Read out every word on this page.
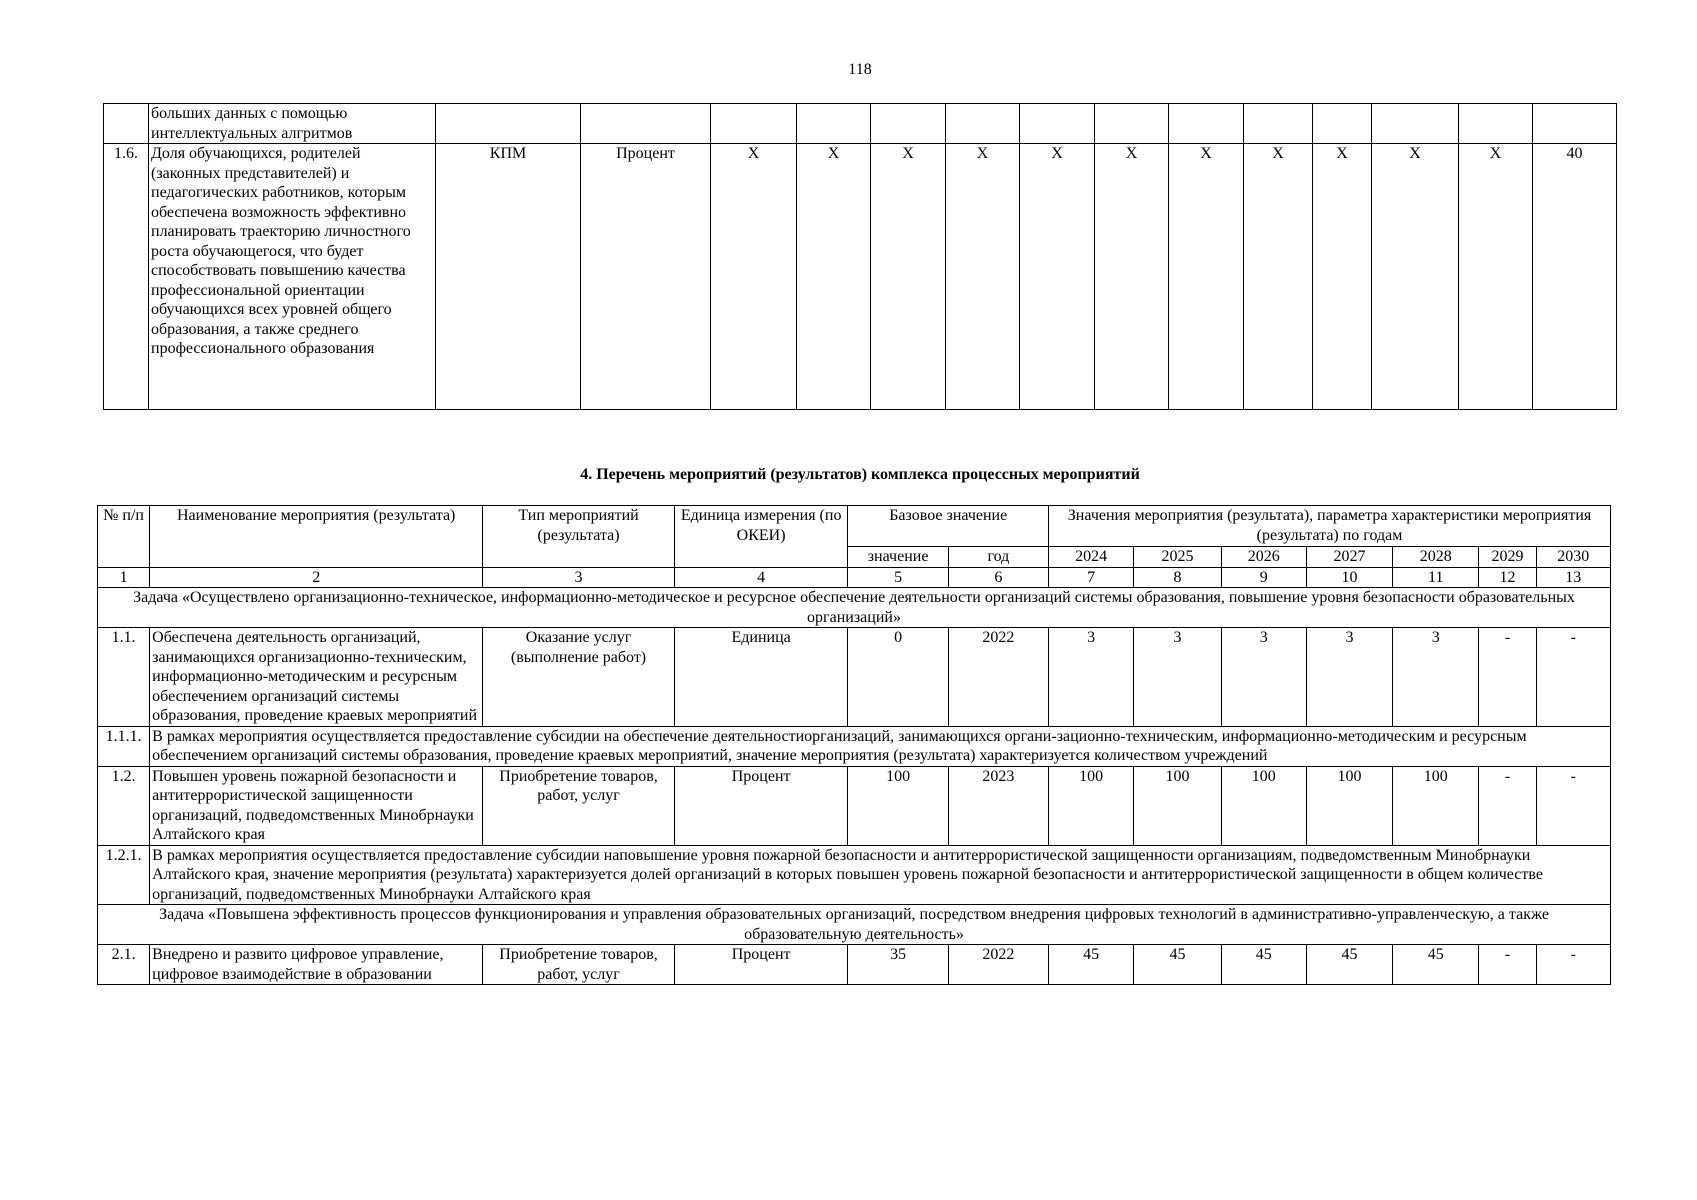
118
	больших данных с помощью интеллектуальных алгритмов														
1.6.	Доля обучающихся, родителей (законных представителей) и педагогических работников, которым обеспечена возможность эффективно планировать траекторию личностного роста обучающегося, что будет способствовать повышению качества профессиональной ориентации обучающихся всех уровней общего образования, а также среднего профессионального образования	КПМ	Процент	Х	Х	Х	Х	Х	Х	Х	Х	Х	Х	Х	40
4. Перечень мероприятий (результатов) комплекса процессных мероприятий
№ п/п	Наименование мероприятия (результата)	Тип мероприятий (результата)	Единица измерения (по ОКЕИ)	Базовое значение		Значения мероприятия (результата), параметра характеристики мероприятия (результата) по годам						
				значение	год	2024	2025	2026	2027	2028	2029	2030
1	2	3	4	5	6	7	8	9	10	11	12	13
Задача «Осуществлено организационно-техническое, информационно-методическое и ресурсное обеспечение деятельности организаций системы образования, повышение уровня безопасности образовательных организаций»												
1.1.	Обеспечена деятельность организаций, занимающихся организационно-техническим, информационно-методическим и ресурсным обеспечением организаций системы образования, проведение краевых мероприятий	Оказание услуг (выполнение работ)	Единица	0	2022	3	3	3	3	3	-	-
1.1.1.	В рамках мероприятия осуществляется предоставление субсидии на обеспечение деятельностиорганизаций, занимающихся органи-зационно-техническим, информационно-методическим и ресурсным обеспечением организаций системы образования, проведение краевых мероприятий, значение мероприятия (результата) характеризуется количеством учреждений											
1.2.	Повышен уровень пожарной безопасности и антитеррористической защищенности организаций, подведомственных Минобрнауки Алтайского края	Приобретение товаров, работ, услуг	Процент	100	2023	100	100	100	100	100	-	-
1.2.1.	В рамках мероприятия осуществляется предоставление субсидии наповышение уровня пожарной безопасности и антитеррористической защищенности организациям, подведомственным Минобрнауки Алтайского края, значение мероприятия (результата) характеризуется долей организаций в которых повышен уровень пожарной безопасности и антитеррористической защищенности в общем количестве организаций, подведомственных Минобрнауки Алтайского края											
Задача «Повышена эффективность процессов функционирования и управления образовательных организаций, посредством внедрения цифровых технологий в административно-управленческую, а также образовательную деятельность»												
2.1.	Внедрено и развито цифровое управление, цифровое взаимодействие в образовании	Приобретение товаров, работ, услуг	Процент	35	2022	45	45	45	45	45	-	-
